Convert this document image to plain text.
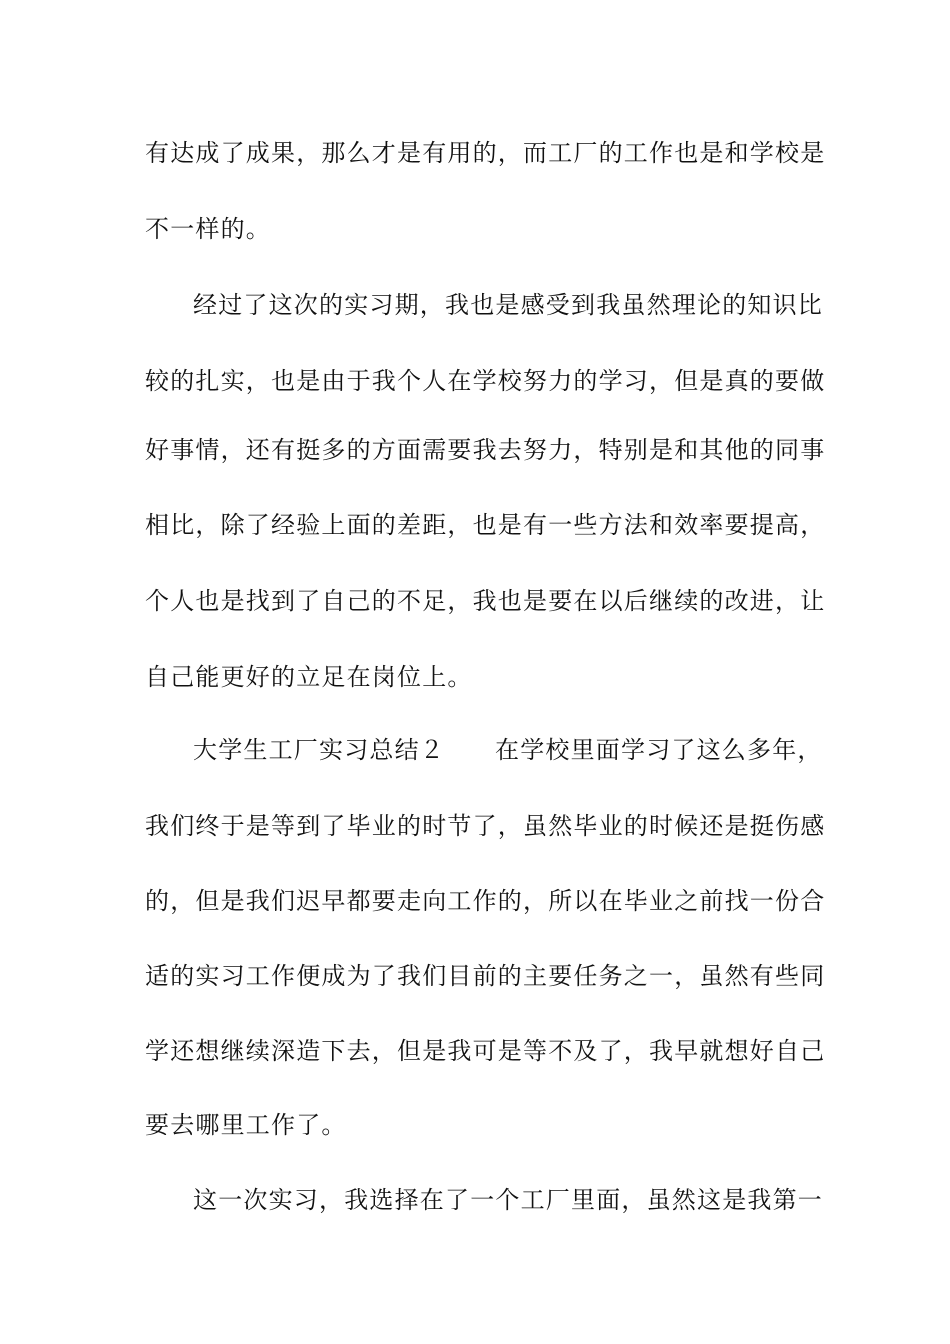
有达成了成果，那么才是有用的，而工厂的工作也是和学校是
不一样的。
经过了这次的实习期，我也是感受到我虽然理论的知识比
较的扎实，也是由于我个人在学校努力的学习，但是真的要做
好事情，还有挺多的方面需要我去努力，特别是和其他的同事
相比，除了经验上面的差距，也是有一些方法和效率要提高，
个人也是找到了自己的不足，我也是要在以后继续的改进，让
自己能更好的立足在岗位上。
大学生工厂实习总结２ 在学校里面学习了这么多年，
我们终于是等到了毕业的时节了，虽然毕业的时候还是挺伤感
的，但是我们迟早都要走向工作的，所以在毕业之前找一份合
适的实习工作便成为了我们目前的主要任务之一，虽然有些同
学还想继续深造下去，但是我可是等不及了，我早就想好自己
要去哪里工作了。
这一次实习，我选择在了一个工厂里面，虽然这是我第一
